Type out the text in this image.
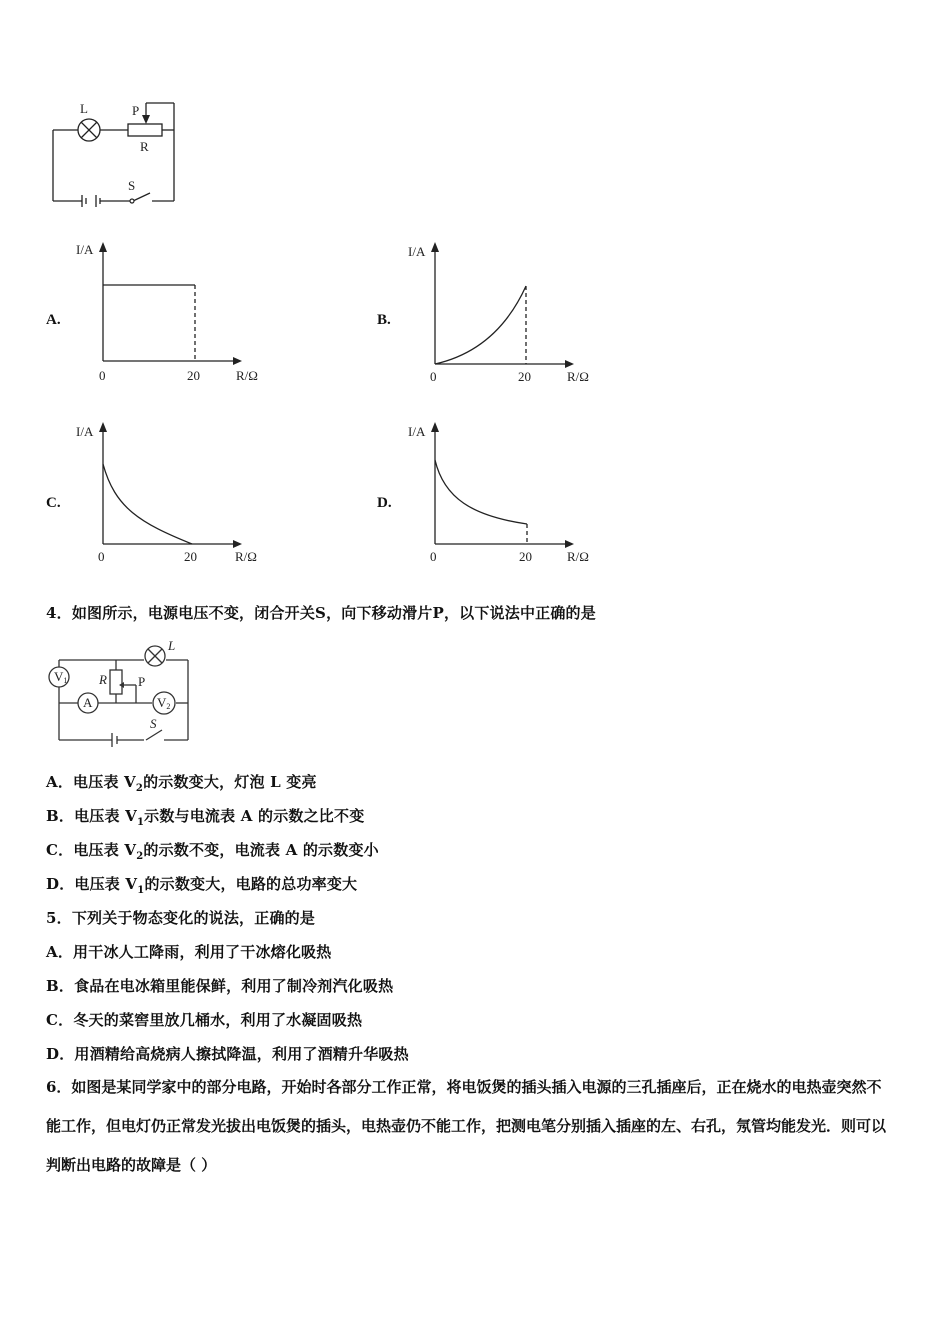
L	P
R
S
A.
I/A
R/Ω
0	20
B.
I/A
R/Ω
0	20
C.
I/A
R/Ω
0	20
D.
I/A
R/Ω
0	20
4．如图所示，电源电压不变，闭合开关S，向下移动滑片P，以下说法中正确的是
V1
A	V2
L
R P
S
A．电压表 $V_2$的示数变大，灯泡 L 变亮
B．电压表 $V_1$示数与电流表 A 的示数之比不变
C．电压表 $V_2$的示数不变，电流表 A 的示数变小
D．电压表 $V_1$的示数变大，电路的总功率变大
5．下列关于物态变化的说法，正确的是
A．用干冰人工降雨，利用了干冰熔化吸热
B．食品在电冰箱里能保鲜，利用了制冷剂汽化吸热
C．冬天的菜窖里放几桶水，利用了水凝固吸热
D．用酒精给高烧病人擦拭降温，利用了酒精升华吸热
6．如图是某同学家中的部分电路，开始时各部分工作正常，将电饭煲的插头插入电源的三孔插座后，正在烧水的电热壶突然不能工作，但电灯仍正常发光拔出电饭煲的插头，电热壶仍不能工作，把测电笔分别插入插座的左、右孔，氖管均能发光．则可以判断出电路的故障是（ ）
